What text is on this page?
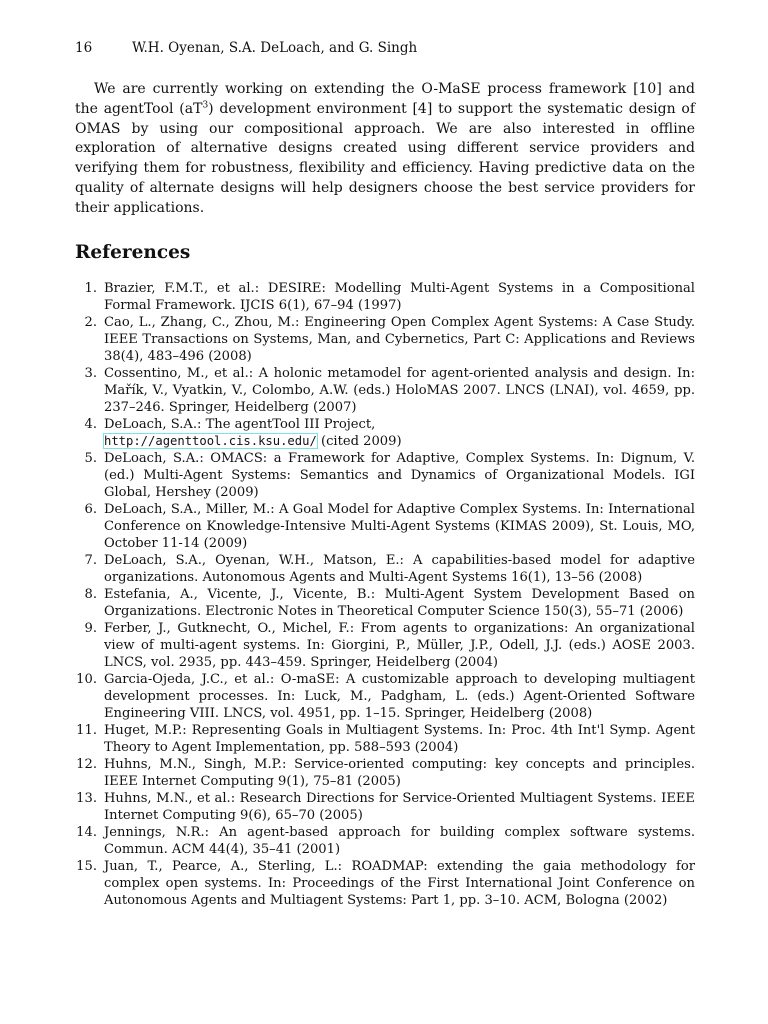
16	W.H. Oyenan, S.A. DeLoach, and G. Singh

We are currently working on extending the O-MaSE process framework [10] and the agentTool $(aT^3)$ development environment [4] to support the systematic design of OMAS by using our compositional approach. We are also interested in offline exploration of alternative designs created using different service providers and verifying them for robustness, flexibility and efficiency. Having predictive data on the quality of alternate designs will help designers choose the best service providers for their applications.

References
1. Brazier, F.M.T., et al.: DESIRE: Modelling Multi-Agent Systems in a Compositional Formal Framework. IJCIS 6(1), 67–94 (1997)
2. Cao, L., Zhang, C., Zhou, M.: Engineering Open Complex Agent Systems: A Case Study. IEEE Transactions on Systems, Man, and Cybernetics, Part C: Applications and Reviews 38(4), 483–496 (2008)
3. Cossentino, M., et al.: A holonic metamodel for agent-oriented analysis and design. In: Mařík, V., Vyatkin, V., Colombo, A.W. (eds.) HoloMAS 2007. LNCS (LNAI), vol. 4659, pp. 237–246. Springer, Heidelberg (2007)
4. DeLoach, S.A.: The agentTool III Project,
http://agenttool.cis.ksu.edu/ (cited 2009)
5. DeLoach, S.A.: OMACS: a Framework for Adaptive, Complex Systems. In: Dignum, V. (ed.) Multi-Agent Systems: Semantics and Dynamics of Organizational Models. IGI Global, Hershey (2009)
6. DeLoach, S.A., Miller, M.: A Goal Model for Adaptive Complex Systems. In: International Conference on Knowledge-Intensive Multi-Agent Systems (KIMAS 2009), St. Louis, MO, October 11-14 (2009)
7. DeLoach, S.A., Oyenan, W.H., Matson, E.: A capabilities-based model for adaptive organizations. Autonomous Agents and Multi-Agent Systems 16(1), 13–56 (2008)
8. Estefania, A., Vicente, J., Vicente, B.: Multi-Agent System Development Based on Organizations. Electronic Notes in Theoretical Computer Science 150(3), 55–71 (2006)
9. Ferber, J., Gutknecht, O., Michel, F.: From agents to organizations: An organizational view of multi-agent systems. In: Giorgini, P., Müller, J.P., Odell, J.J. (eds.) AOSE 2003. LNCS, vol. 2935, pp. 443–459. Springer, Heidelberg (2004)
10. Garcia-Ojeda, J.C., et al.: O-maSE: A customizable approach to developing multiagent development processes. In: Luck, M., Padgham, L. (eds.) Agent-Oriented Software Engineering VIII. LNCS, vol. 4951, pp. 1–15. Springer, Heidelberg (2008)
11. Huget, M.P.: Representing Goals in Multiagent Systems. In: Proc. 4th Int'l Symp. Agent Theory to Agent Implementation, pp. 588–593 (2004)
12. Huhns, M.N., Singh, M.P.: Service-oriented computing: key concepts and principles. IEEE Internet Computing 9(1), 75–81 (2005)
13. Huhns, M.N., et al.: Research Directions for Service-Oriented Multiagent Systems. IEEE Internet Computing 9(6), 65–70 (2005)
14. Jennings, N.R.: An agent-based approach for building complex software systems. Commun. ACM 44(4), 35–41 (2001)
15. Juan, T., Pearce, A., Sterling, L.: ROADMAP: extending the gaia methodology for complex open systems. In: Proceedings of the First International Joint Conference on Autonomous Agents and Multiagent Systems: Part 1, pp. 3–10. ACM, Bologna (2002)
